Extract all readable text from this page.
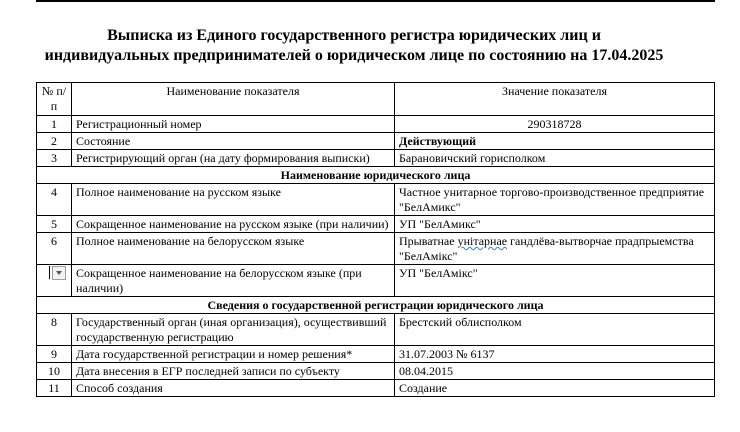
Выписка из Единого государственного регистра юридических лиц и
индивидуальных предпринимателей о юридическом лице по состоянию на 17.04.2025
№ п/п	Наименование показателя	Значение показателя
1	Регистрационный номер	290318728
2	Состояние	Действующий
3	Регистрирующий орган (на дату формирования выписки)	Барановичский горисполком
Наименование юридического лица		
4	Полное наименование на русском языке	Частное унитарное торгово-производственное предприятие "БелАмикс"
5	Сокращенное наименование на русском языке (при наличии)	УП "БелАмикс"
6	Полное наименование на белорусском языке	Прыватнае унітарнае гандлёва-вытворчае прадпрыемства "БелАмікс"

	Сокращенное наименование на белорусском языке (при наличии)	УП "БелАмікс"
Сведения о государственной регистрации юридического лица		
8	Государственный орган (иная организация), осуществивший государственную регистрацию	Брестский облисполком
9	Дата государственной регистрации и номер решения*	31.07.2003 № 6137
10	Дата внесения в ЕГР последней записи по субъекту	08.04.2015
11	Способ создания	Создание
